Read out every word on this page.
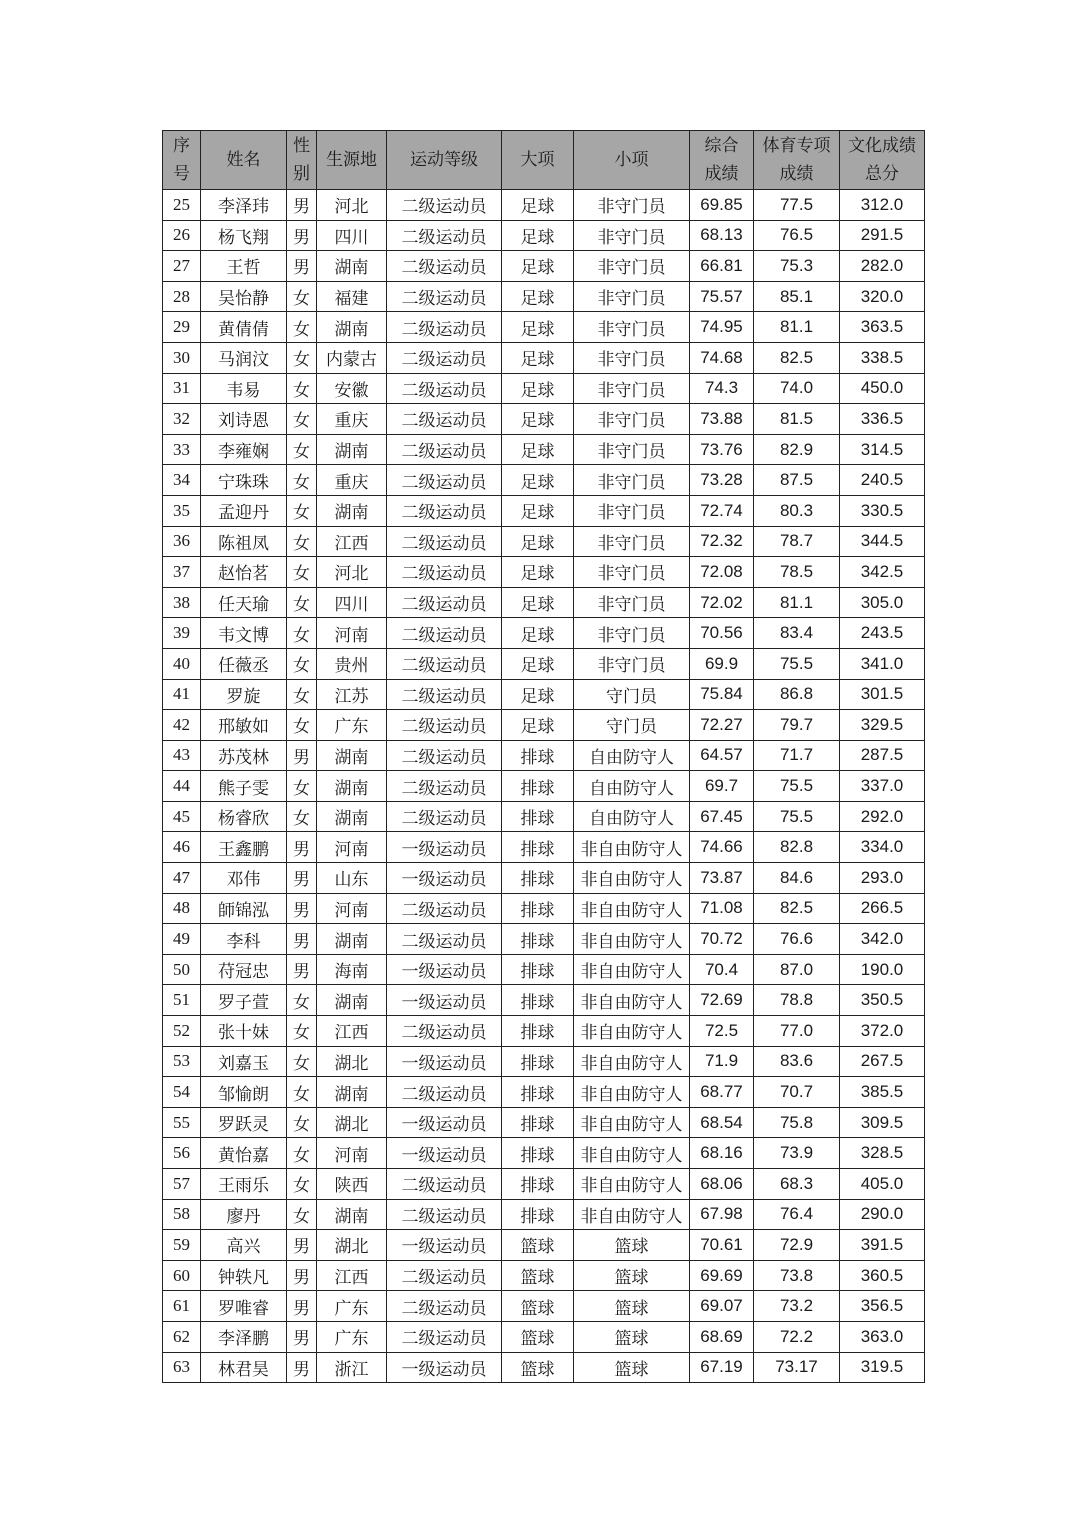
序号	姓名	性别	生源地	运动等级	大项	小项	综合成绩	体育专项成绩	文化成绩总分
25	李泽玮	男	河北	二级运动员	足球	非守门员	69.85	77.5	312.0
26	杨飞翔	男	四川	二级运动员	足球	非守门员	68.13	76.5	291.5
27	王哲	男	湖南	二级运动员	足球	非守门员	66.81	75.3	282.0
28	吴怡静	女	福建	二级运动员	足球	非守门员	75.57	85.1	320.0
29	黄倩倩	女	湖南	二级运动员	足球	非守门员	74.95	81.1	363.5
30	马润汶	女	内蒙古	二级运动员	足球	非守门员	74.68	82.5	338.5
31	韦易	女	安徽	二级运动员	足球	非守门员	74.3	74.0	450.0
32	刘诗恩	女	重庆	二级运动员	足球	非守门员	73.88	81.5	336.5
33	李雍娴	女	湖南	二级运动员	足球	非守门员	73.76	82.9	314.5
34	宁珠珠	女	重庆	二级运动员	足球	非守门员	73.28	87.5	240.5
35	孟迎丹	女	湖南	二级运动员	足球	非守门员	72.74	80.3	330.5
36	陈祖凤	女	江西	二级运动员	足球	非守门员	72.32	78.7	344.5
37	赵怡茗	女	河北	二级运动员	足球	非守门员	72.08	78.5	342.5
38	任天瑜	女	四川	二级运动员	足球	非守门员	72.02	81.1	305.0
39	韦文博	女	河南	二级运动员	足球	非守门员	70.56	83.4	243.5
40	任薇丞	女	贵州	二级运动员	足球	非守门员	69.9	75.5	341.0
41	罗旋	女	江苏	二级运动员	足球	守门员	75.84	86.8	301.5
42	邢敏如	女	广东	二级运动员	足球	守门员	72.27	79.7	329.5
43	苏茂林	男	湖南	二级运动员	排球	自由防守人	64.57	71.7	287.5
44	熊子雯	女	湖南	二级运动员	排球	自由防守人	69.7	75.5	337.0
45	杨睿欣	女	湖南	二级运动员	排球	自由防守人	67.45	75.5	292.0
46	王鑫鹏	男	河南	一级运动员	排球	非自由防守人	74.66	82.8	334.0
47	邓伟	男	山东	一级运动员	排球	非自由防守人	73.87	84.6	293.0
48	師锦泓	男	河南	二级运动员	排球	非自由防守人	71.08	82.5	266.5
49	李科	男	湖南	二级运动员	排球	非自由防守人	70.72	76.6	342.0
50	苻冠忠	男	海南	一级运动员	排球	非自由防守人	70.4	87.0	190.0
51	罗子萱	女	湖南	一级运动员	排球	非自由防守人	72.69	78.8	350.5
52	张十妹	女	江西	二级运动员	排球	非自由防守人	72.5	77.0	372.0
53	刘嘉玉	女	湖北	一级运动员	排球	非自由防守人	71.9	83.6	267.5
54	邹愉朗	女	湖南	二级运动员	排球	非自由防守人	68.77	70.7	385.5
55	罗跃灵	女	湖北	一级运动员	排球	非自由防守人	68.54	75.8	309.5
56	黄怡嘉	女	河南	一级运动员	排球	非自由防守人	68.16	73.9	328.5
57	王雨乐	女	陕西	二级运动员	排球	非自由防守人	68.06	68.3	405.0
58	廖丹	女	湖南	二级运动员	排球	非自由防守人	67.98	76.4	290.0
59	高兴	男	湖北	一级运动员	篮球	篮球	70.61	72.9	391.5
60	钟轶凡	男	江西	二级运动员	篮球	篮球	69.69	73.8	360.5
61	罗唯睿	男	广东	二级运动员	篮球	篮球	69.07	73.2	356.5
62	李泽鹏	男	广东	二级运动员	篮球	篮球	68.69	72.2	363.0
63	林君昊	男	浙江	一级运动员	篮球	篮球	67.19	73.17	319.5
